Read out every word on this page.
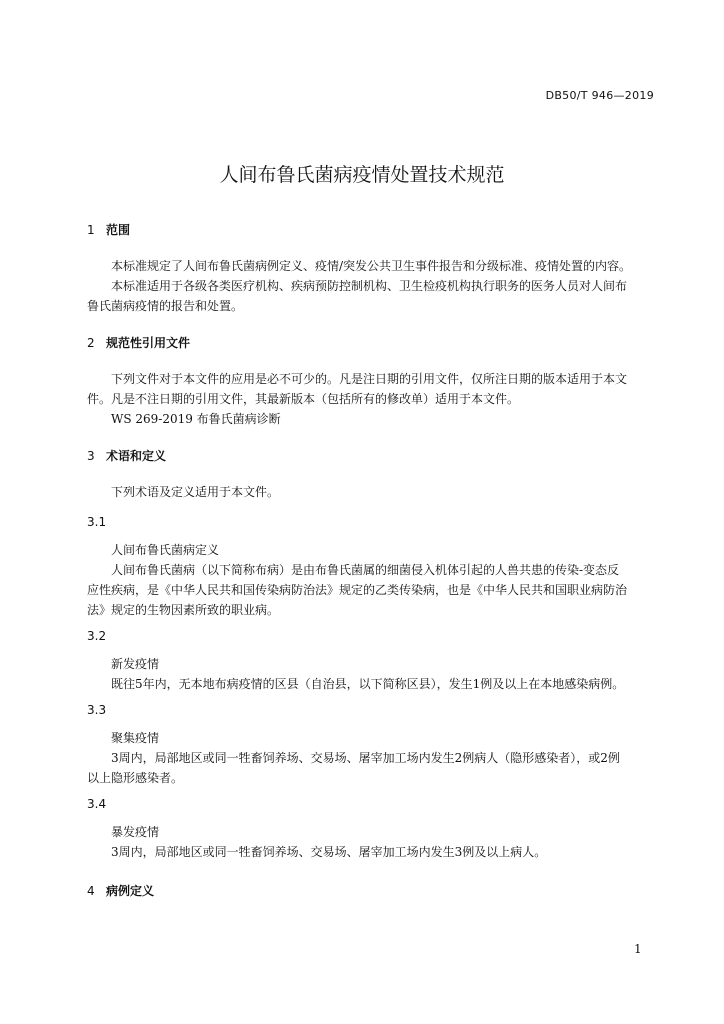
DB50/T 946—2019
人间布鲁氏菌病疫情处置技术规范
1 范围
本标准规定了人间布鲁氏菌病例定义、疫情/突发公共卫生事件报告和分级标准、疫情处置的内容。
本标准适用于各级各类医疗机构、疾病预防控制机构、卫生检疫机构执行职务的医务人员对人间布
鲁氏菌病疫情的报告和处置。
2 规范性引用文件
下列文件对于本文件的应用是必不可少的。凡是注日期的引用文件，仅所注日期的版本适用于本文
件。凡是不注日期的引用文件，其最新版本（包括所有的修改单）适用于本文件。
WS 269-2019 布鲁氏菌病诊断
3 术语和定义
下列术语及定义适用于本文件。
3.1
人间布鲁氏菌病定义
人间布鲁氏菌病（以下简称布病）是由布鲁氏菌属的细菌侵入机体引起的人兽共患的传染-变态反
应性疾病，是《中华人民共和国传染病防治法》规定的乙类传染病，也是《中华人民共和国职业病防治
法》规定的生物因素所致的职业病。
3.2
新发疫情
既往5年内，无本地布病疫情的区县（自治县，以下简称区县），发生1例及以上在本地感染病例。
3.3
聚集疫情
3周内，局部地区或同一牲畜饲养场、交易场、屠宰加工场内发生2例病人（隐形感染者），或2例
以上隐形感染者。
3.4
暴发疫情
3周内，局部地区或同一牲畜饲养场、交易场、屠宰加工场内发生3例及以上病人。
4 病例定义
1
